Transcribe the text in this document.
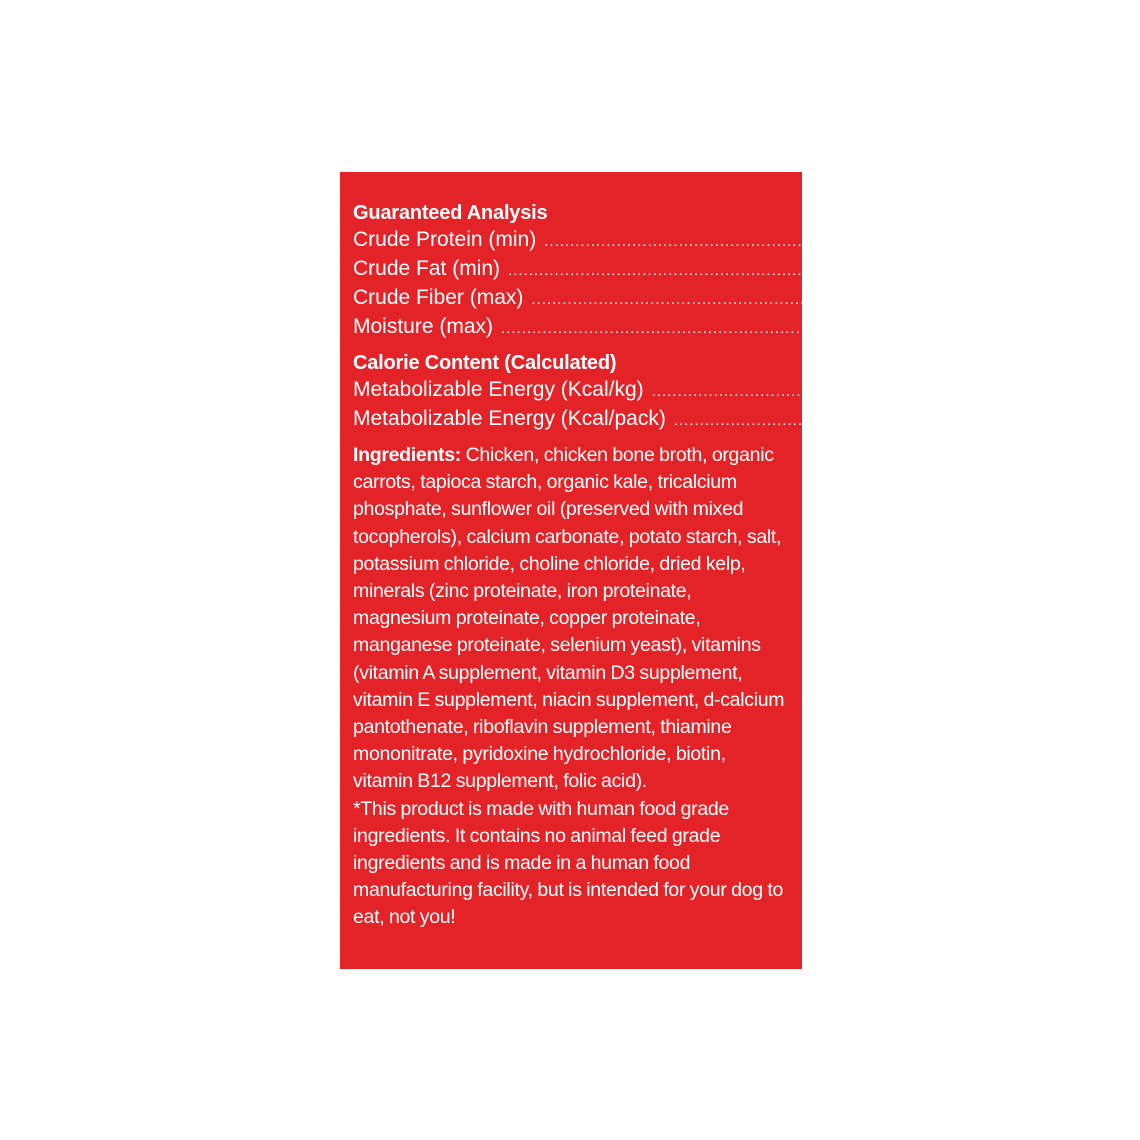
Guaranteed Analysis
Crude Protein (min) ............................................................................ 9.00%
Crude Fat (min) ............................................................................ 2.00%
Crude Fiber (max) ............................................................................ 1.50%
Moisture (max) ............................................................................ 82.0%
Calorie Content (Calculated)
Metabolizable Energy (Kcal/kg) ............................................................................ 783
Metabolizable Energy (Kcal/pack) ............................................................................ 243
Ingredients: Chicken, chicken bone broth, organic carrots, tapioca starch, organic kale, tricalcium phosphate, sunflower oil (preserved with mixed tocopherols), calcium carbonate, potato starch, salt, potassium chloride, choline chloride, dried kelp, minerals (zinc proteinate, iron proteinate, magnesium proteinate, copper proteinate, manganese proteinate, selenium yeast), vitamins (vitamin A supplement, vitamin D3 supplement, vitamin E supplement, niacin supplement, d-calcium pantothenate, riboflavin supplement, thiamine mononitrate, pyridoxine hydrochloride, biotin, vitamin B12 supplement, folic acid).
*This product is made with human food grade ingredients. It contains no animal feed grade ingredients and is made in a human food manufacturing facility, but is intended for your dog to eat, not you!
